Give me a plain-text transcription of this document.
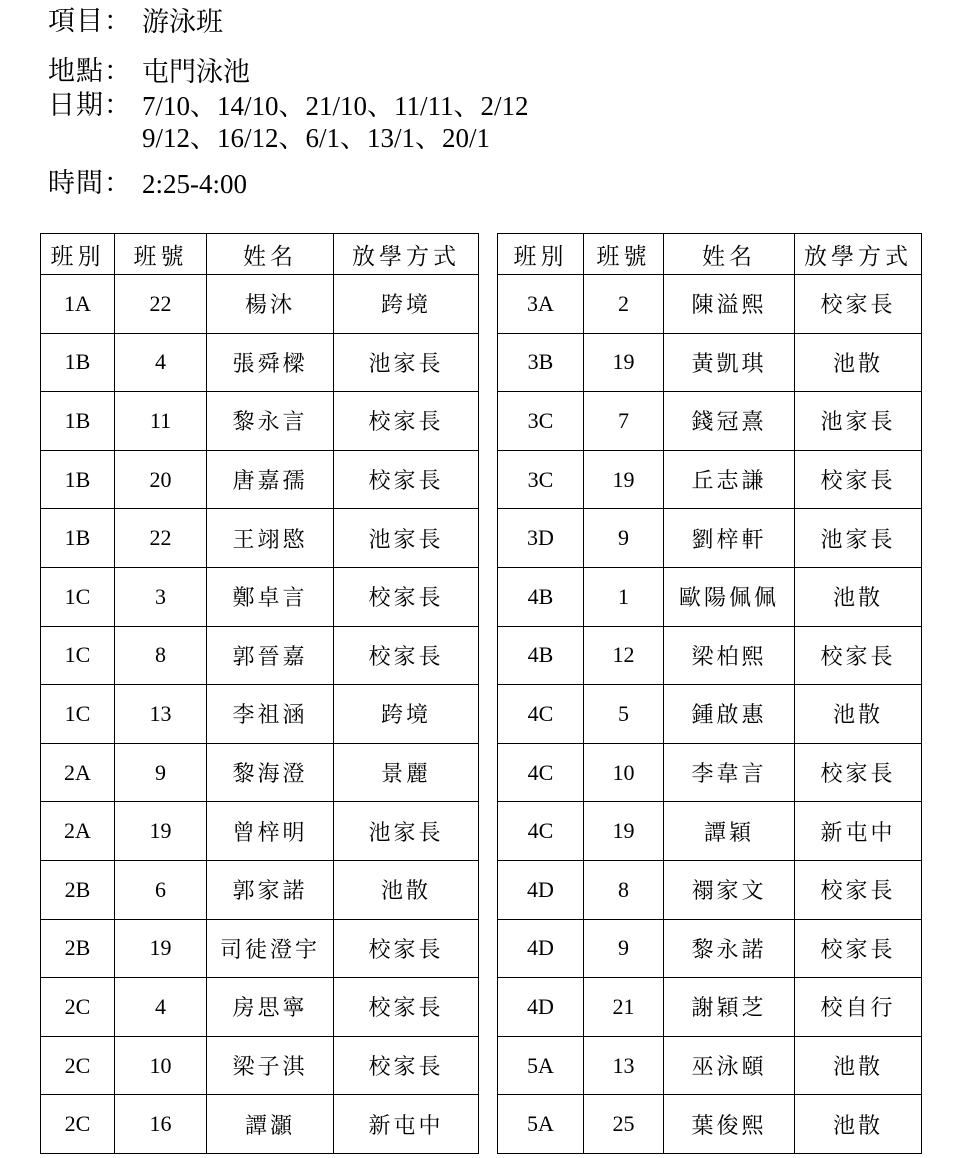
項目： 游泳班
地點： 屯門泳池
日期： 7/10、14/10、21/10、11/11、2/12
9/12、16/12、6/1、13/1、20/1
時間： 2:25-4:00
班別	班號	姓名	放學方式
1A	22	楊沐	跨境
1B	4	張舜樑	池家長
1B	11	黎永言	校家長
1B	20	唐嘉孺	校家長
1B	22	王翊愍	池家長
1C	3	鄭卓言	校家長
1C	8	郭晉嘉	校家長
1C	13	李祖涵	跨境
2A	9	黎海澄	景麗
2A	19	曾梓明	池家長
2B	6	郭家諾	池散
2B	19	司徒澄宇	校家長
2C	4	房思寧	校家長
2C	10	梁子淇	校家長
2C	16	譚灝	新屯中
班別	班號	姓名	放學方式
3A	2	陳溢熙	校家長
3B	19	黃凱琪	池散
3C	7	錢冠熹	池家長
3C	19	丘志謙	校家長
3D	9	劉梓軒	池家長
4B	1	歐陽佩佩	池散
4B	12	梁柏熙	校家長
4C	5	鍾啟惠	池散
4C	10	李韋言	校家長
4C	19	譚穎	新屯中
4D	8	禤家文	校家長
4D	9	黎永諾	校家長
4D	21	謝穎芝	校自行
5A	13	巫泳頤	池散
5A	25	葉俊熙	池散
